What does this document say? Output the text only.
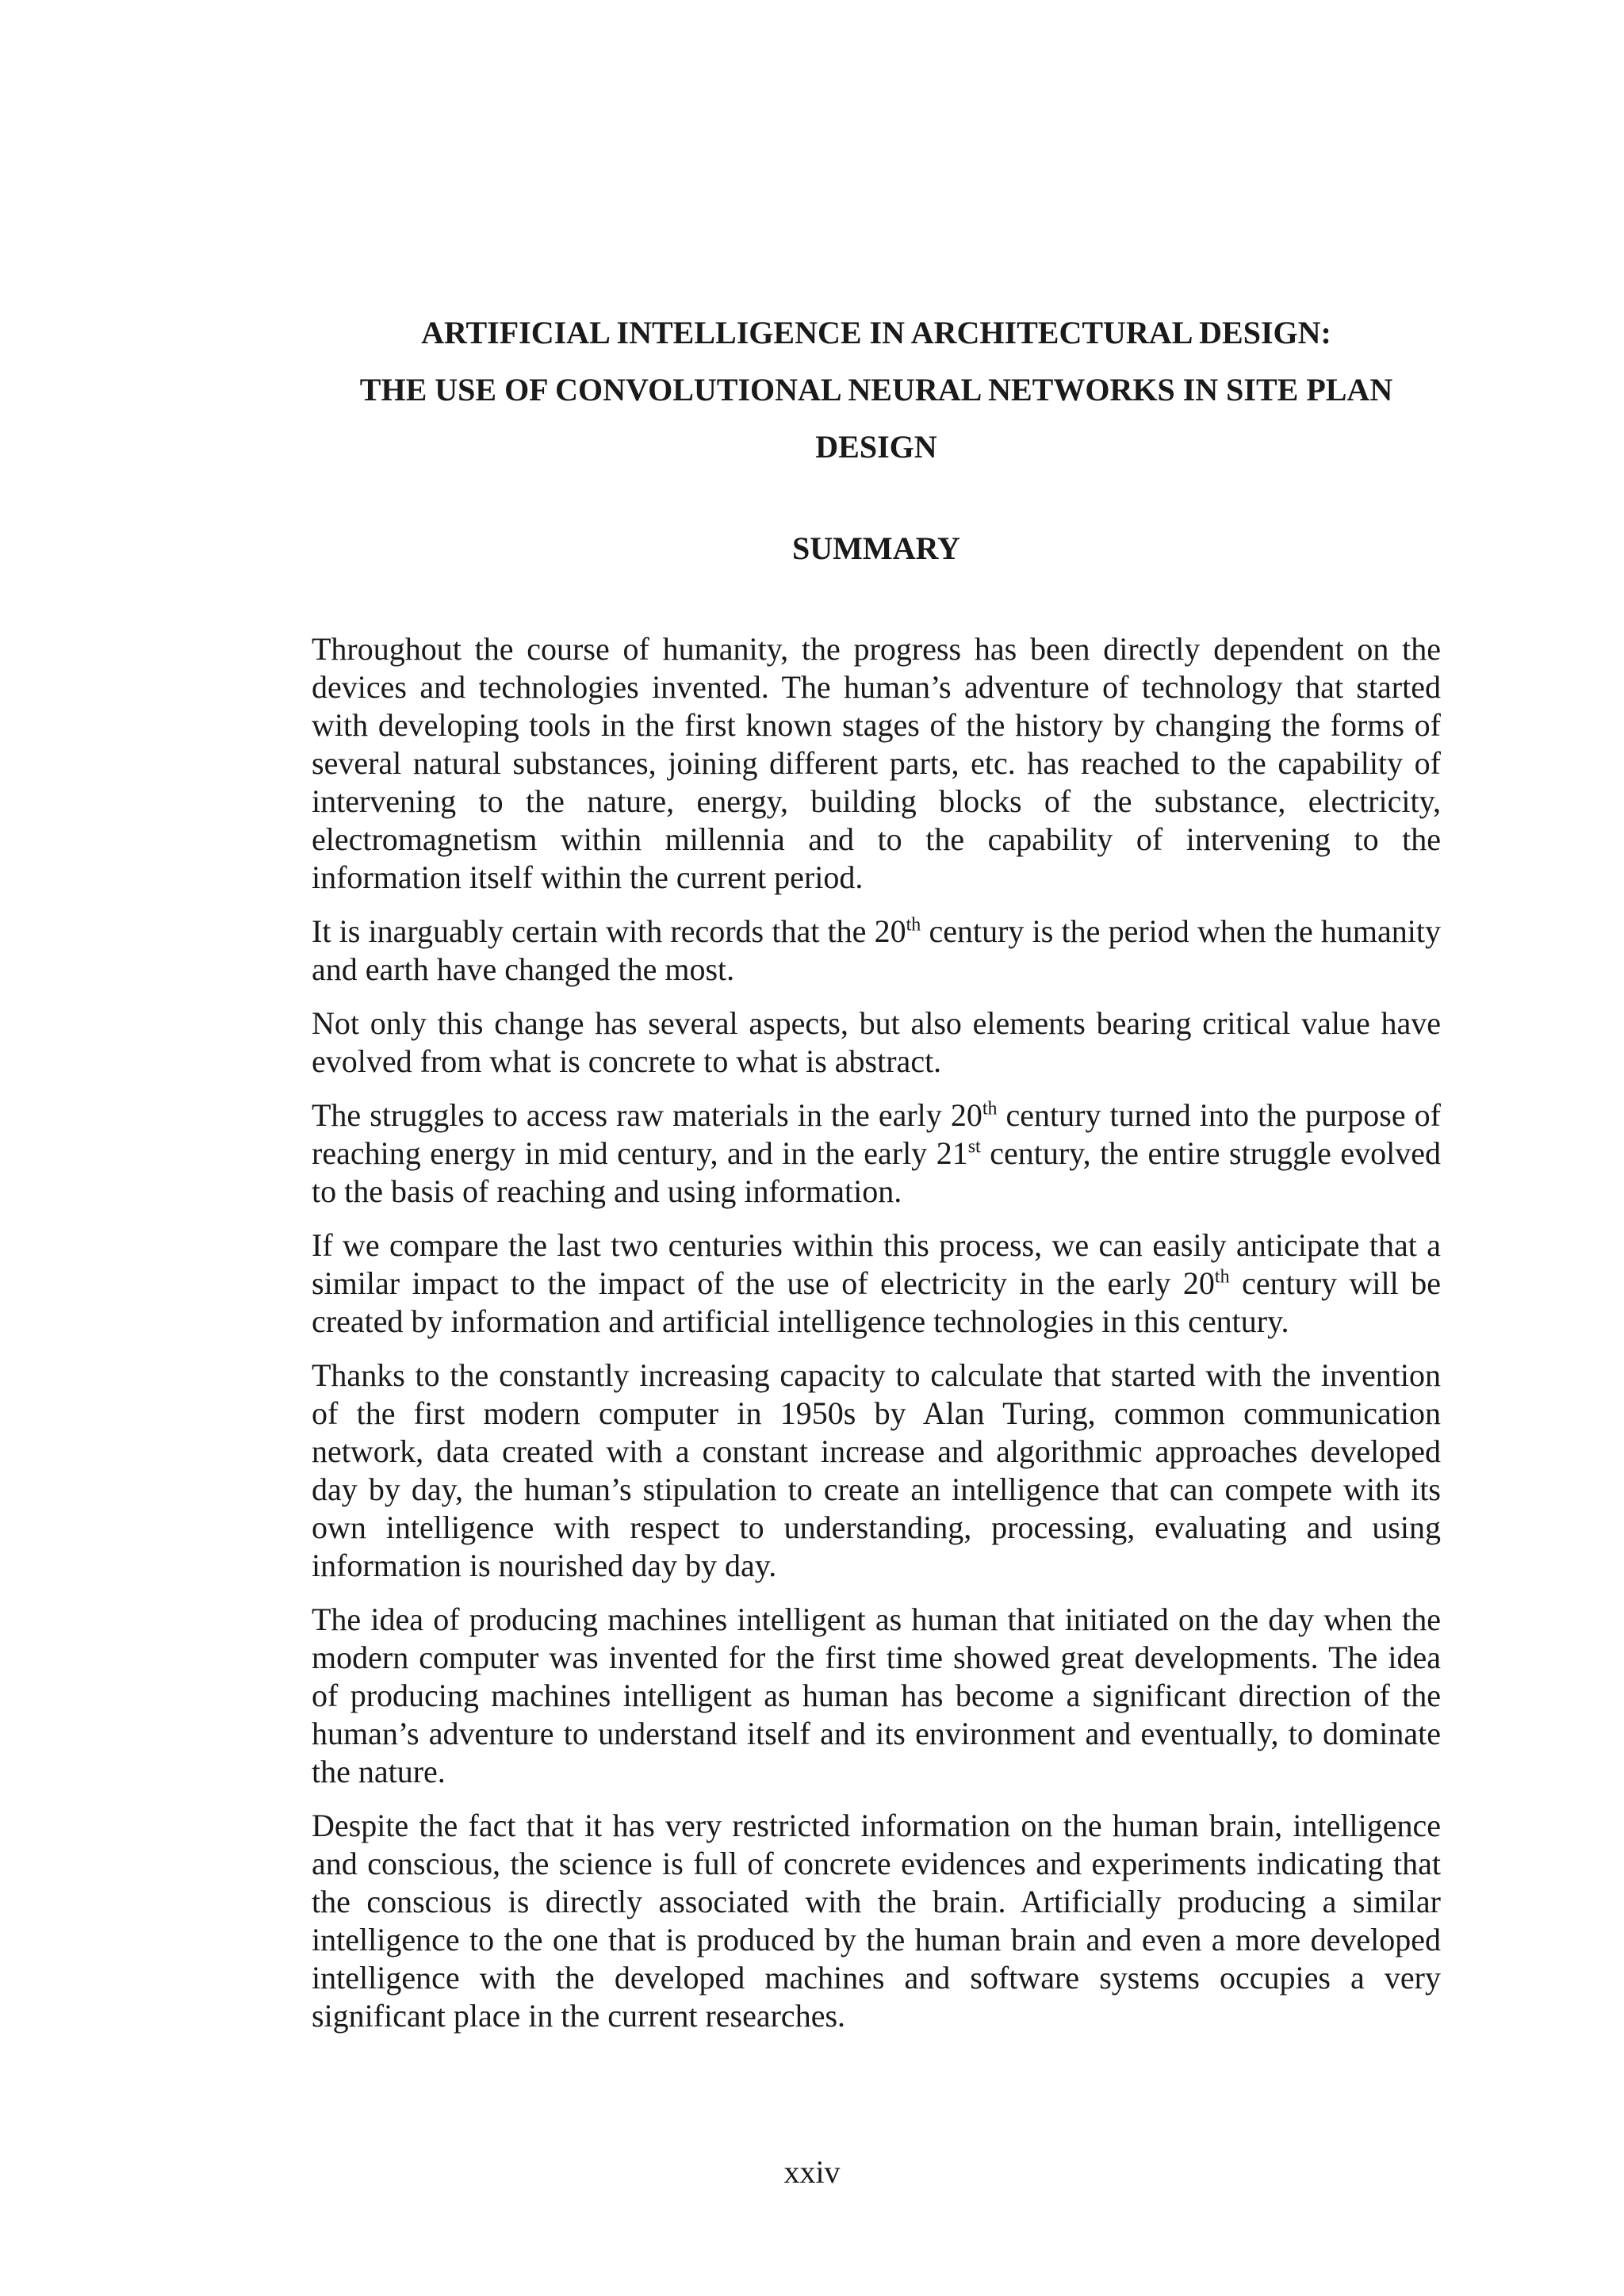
ARTIFICIAL INTELLIGENCE IN ARCHITECTURAL DESIGN:

THE USE OF CONVOLUTIONAL NEURAL NETWORKS IN SITE PLAN

DESIGN

SUMMARY

Throughout the course of humanity, the progress has been directly dependent on the devices and technologies invented. The human’s adventure of technology that started with developing tools in the first known stages of the history by changing the forms of several natural substances, joining different parts, etc. has reached to the capability of intervening to the nature, energy, building blocks of the substance, electricity, electromagnetism within millennia and to the capability of intervening to the information itself within the current period.

It is inarguably certain with records that the 20th century is the period when the humanity and earth have changed the most.

Not only this change has several aspects, but also elements bearing critical value have evolved from what is concrete to what is abstract.

The struggles to access raw materials in the early 20th century turned into the purpose of reaching energy in mid century, and in the early 21st century, the entire struggle evolved to the basis of reaching and using information.

If we compare the last two centuries within this process, we can easily anticipate that a similar impact to the impact of the use of electricity in the early 20th century will be created by information and artificial intelligence technologies in this century.

Thanks to the constantly increasing capacity to calculate that started with the invention of the first modern computer in 1950s by Alan Turing, common communication network, data created with a constant increase and algorithmic approaches developed day by day, the human’s stipulation to create an intelligence that can compete with its own intelligence with respect to understanding, processing, evaluating and using information is nourished day by day.

The idea of producing machines intelligent as human that initiated on the day when the modern computer was invented for the first time showed great developments. The idea of producing machines intelligent as human has become a significant direction of the human’s adventure to understand itself and its environment and eventually, to dominate the nature.

Despite the fact that it has very restricted information on the human brain, intelligence and conscious, the science is full of concrete evidences and experiments indicating that the conscious is directly associated with the brain. Artificially producing a similar intelligence to the one that is produced by the human brain and even a more developed intelligence with the developed machines and software systems occupies a very significant place in the current researches.

xxiv
